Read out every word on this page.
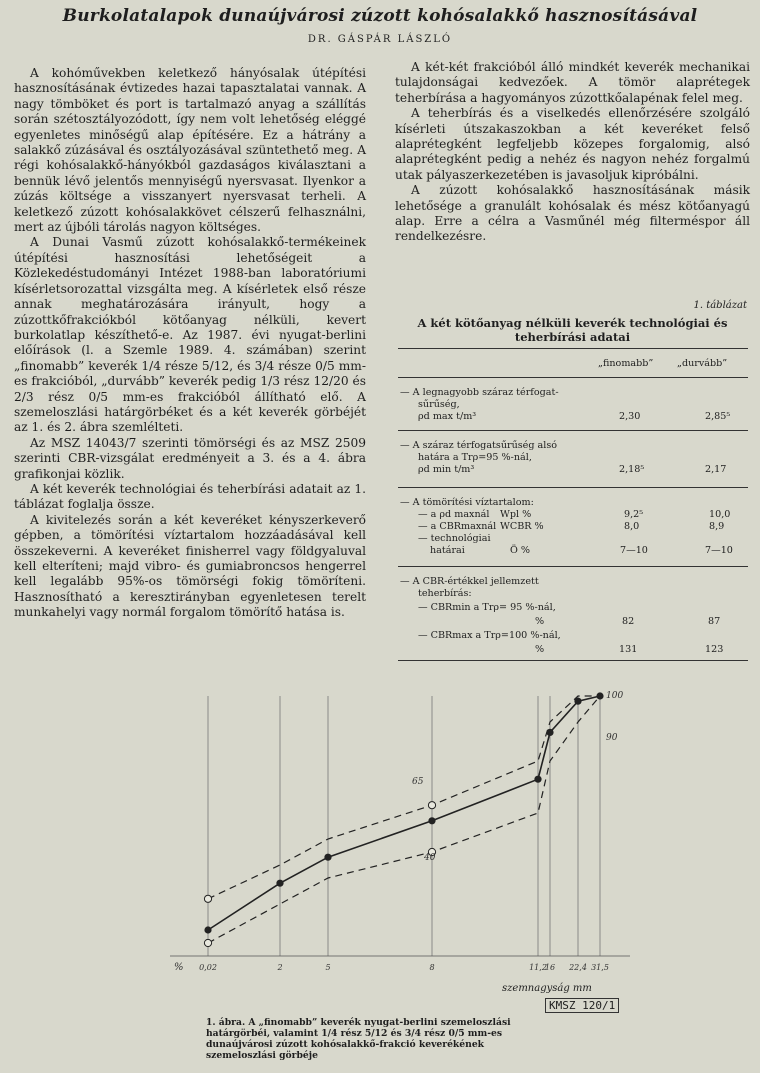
Burkolatalapok dunaújvárosi zúzott kohósalakkő hasznosításával
DR. GÁSPÁR LÁSZLÓ

A kohóművekben keletkező hányósalak útépítési hasznosításának évtizedes hazai tapasztalatai vannak. A nagy tömböket és port is tartalmazó anyag a szállítás során szétosztályozódott, így nem volt lehetőség eléggé egyenletes minőségű alap építésére. Ez a hátrány a salakkő zúzásával és osztályozásával szüntethető meg. A régi kohósalakkő-hányókból gazdaságos kiválasztani a bennük lévő jelentős mennyiségű nyersvasat. Ilyenkor a zúzás költsége a visszanyert nyersvasat terheli. A keletkező zúzott kohósalakkövet célszerű felhasználni, mert az újbóli tárolás nagyon költséges.

A Dunai Vasmű zúzott kohósalakkő-termékeinek útépítési hasznosítási lehetőségeit a Közlekedéstudományi Intézet 1988-ban laboratóriumi kísérletsorozattal vizsgálta meg. A kísérletek első része annak meghatározására irányult, hogy a zúzottkőfrakciókból kötőanyag nélküli, kevert burkolatlap készíthető-e. Az 1987. évi nyugat-berlini előírások (l. a Szemle 1989. 4. számában) szerint „finomabb” keverék 1/4 része 5/12, és 3/4 része 0/5 mm-es frakcióból, „durvább” keverék pedig 1/3 rész 12/20 és 2/3 rész 0/5 mm-es frakcióból állítható elő. A szemeloszlási határgörbéket és a két keverék görbéjét az 1. és 2. ábra szemlélteti.

Az MSZ 14043/7 szerinti tömörségi és az MSZ 2509 szerinti CBR-vizsgálat eredményeit a 3. és a 4. ábra grafikonjai közlik.

A két keverék technológiai és teherbírási adatait az 1. táblázat foglalja össze.

A kivitelezés során a két keveréket kényszerkeverő gépben, a tömörítési víztartalom hozzáadásával kell összekeverni. A keveréket finisherrel vagy földgyaluval kell elteríteni; majd vibro- és gumiabroncsos hengerrel kell legalább 95%-os tömörségi fokig tömöríteni. Hasznosítható a keresztirányban egyenletesen terelt munkahelyi vagy normál forgalom tömörítő hatása is.

A két-két frakcióból álló mindkét keverék mechanikai tulajdonságai kedvezőek. A tömör alaprétegek teherbírása a hagyományos zúzottkőalapénak felel meg.

A teherbírás és a viselkedés ellenőrzésére szolgáló kísérleti útszakaszokban a két keveréket felső alaprétegként legfeljebb közepes forgalomig, alsó alaprétegként pedig a nehéz és nagyon nehéz forgalmú utak pályaszerkezetében is javasoljuk kipróbálni.

A zúzott kohósalakkő hasznosításának másik lehetősége a granulált kohósalak és mész kötőanyagú alap. Erre a célra a Vasműnél még filterméspor áll rendelkezésre.

1. táblázat
A két kötőanyag nélküli keverék technológiai és teherbírási adatai
„finomabb” „durvább”
— A legnagyobb száraz térfogat-
sűrűség,
ρd max t/m³	2,30	2,85⁵
— A száraz térfogatsűrűség alsó
határa a Trρ=95 %-nál,
ρd min t/m³	2,18⁵	2,17
— A tömörítési víztartalom:
— a ρd maxnál Wpl %	9,2⁵	10,0
— a CBRmaxnál WCBR %	8,0	8,9
— technológiai
határai	Ö %	7—10	7—10
— A CBR-értékkel jellemzett
teherbírás:
— CBRmin a Trρ= 95 %-nál,
%	82	87
— CBRmax a Trρ=100 %-nál,
%	131	123
100
90
65
40
% 0,02	2	5	8	11,2
16 22,4 31,5
szemnagyság mm
KMSZ 120/1
1. ábra. A „finomabb” keverék nyugat-berlini szemeloszlási határgörbéi, valamint 1/4 rész 5/12 és 3/4 rész 0/5 mm-es dunaújvárosi zúzott kohósalakkő-frakció keverékének szemeloszlási görbéje
